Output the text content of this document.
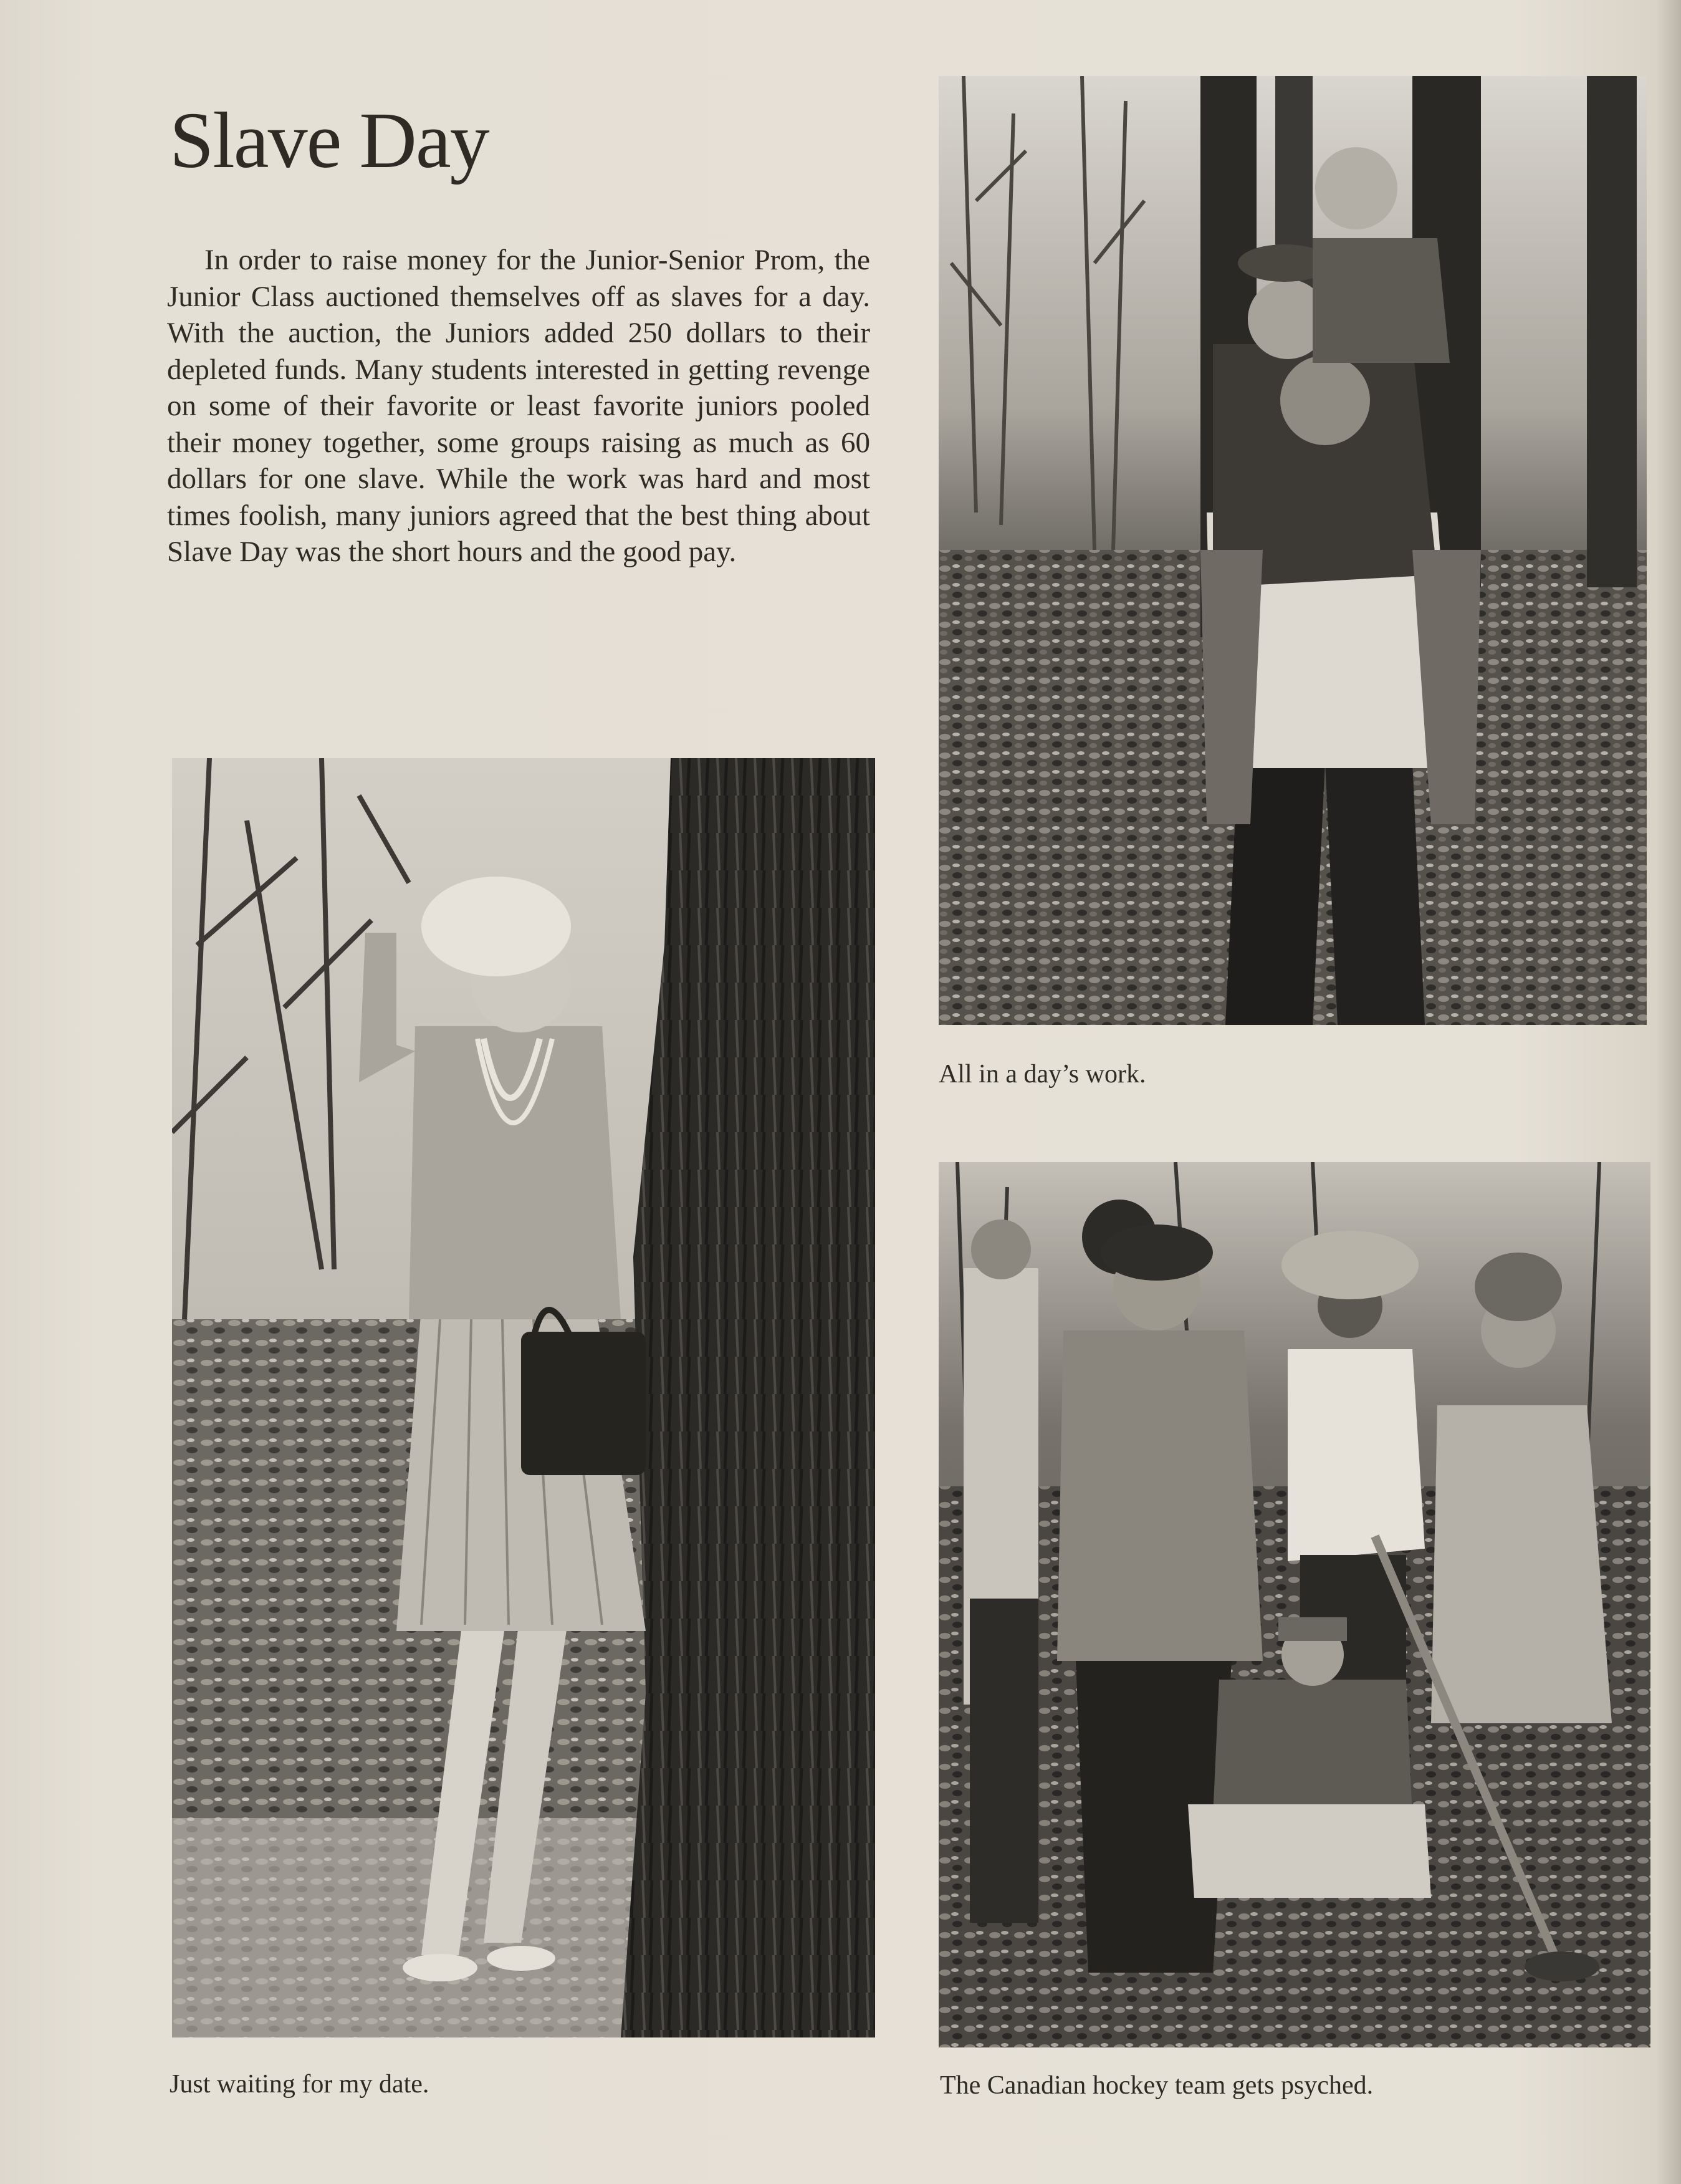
Slave Day

In order to raise money for the Junior-Senior Prom, the Junior Class auctioned themselves off as slaves for a day. With the auction, the Juniors added 250 dollars to their depleted funds. Many students interested in getting revenge on some of their favorite or least favorite juniors pooled their money together, some groups raising as much as 60 dollars for one slave. While the work was hard and most times foolish, many juniors agreed that the best thing about Slave Day was the short hours and the good pay.

All in a day’s work.

Just waiting for my date.	The Canadian hockey team gets psyched.
